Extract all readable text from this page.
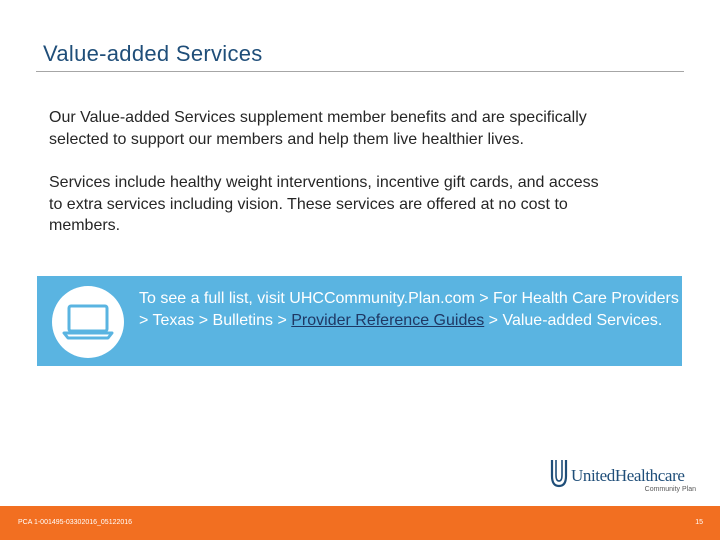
Value-added Services

Our Value-added Services supplement member benefits and are specifically
selected to support our members and help them live healthier lives.

Services include healthy weight interventions, incentive gift cards, and access
to extra services including vision. These services are offered at no cost to
members.

To see a full list, visit UHCCommunity.Plan.com > For Health Care Providers > Texas > Bulletins > Provider Reference Guides > Value-added Services.
UnitedHealthcare
Community Plan
PCA 1-001495-03302016_05122016	15
